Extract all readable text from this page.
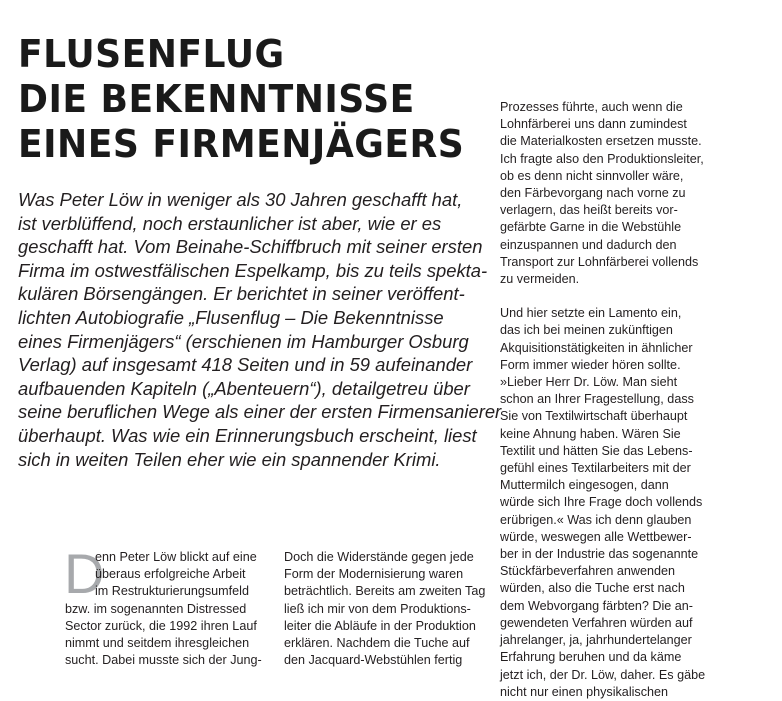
FLUSENFLUG
DIE BEKENNTNISSE
EINES FIRMENJÄGERS
Was Peter Löw in weniger als 30 Jahren geschafft hat,
ist verblüffend, noch erstaunlicher ist aber, wie er es
geschafft hat. Vom Beinahe-Schiffbruch mit seiner ersten
Firma im ostwestfälischen Espelkamp, bis zu teils spekta-
kulären Börsengängen. Er berichtet in seiner veröffent-
lichten Autobiografie „Flusenflug – Die Bekenntnisse
eines Firmenjägers“ (erschienen im Hamburger Osburg
Verlag) auf insgesamt 418 Seiten und in 59 aufeinander
aufbauenden Kapiteln („Abenteuern“), detailgetreu über
seine beruflichen Wege als einer der ersten Firmensanierer
überhaupt. Was wie ein Erinnerungsbuch erscheint, liest
sich in weiten Teilen eher wie ein spannender Krimi.
Prozesses führte, auch wenn die
Lohnfärberei uns dann zumindest
die Materialkosten ersetzen musste.
Ich fragte also den Produktionsleiter,
ob es denn nicht sinnvoller wäre,
den Färbevorgang nach vorne zu
verlagern, das heißt bereits vor-
gefärbte Garne in die Webstühle
einzuspannen und dadurch den
Transport zur Lohnfärberei vollends
zu vermeiden.
Und hier setzte ein Lamento ein,
das ich bei meinen zukünftigen
Akquisitionstätigkeiten in ähnlicher
Form immer wieder hören sollte.
»Lieber Herr Dr. Löw. Man sieht
schon an Ihrer Fragestellung, dass
Sie von Textilwirtschaft überhaupt
keine Ahnung haben. Wären Sie
Textilit und hätten Sie das Lebens-
gefühl eines Textilarbeiters mit der
Muttermilch eingesogen, dann
würde sich Ihre Frage doch vollends
erübrigen.« Was ich denn glauben
würde, weswegen alle Wettbewer-
ber in der Industrie das sogenannte
Stückfärbeverfahren anwenden
würden, also die Tuche erst nach
dem Webvorgang färbten? Die an-
gewendeten Verfahren würden auf
jahrelanger, ja, jahrhundertelanger
Erfahrung beruhen und da käme
jetzt ich, der Dr. Löw, daher. Es gäbe
nicht nur einen physikalischen
D
enn Peter Löw blickt auf eine
überaus erfolgreiche Arbeit
im Restrukturierungsumfeld
bzw. im sogenannten Distressed
Sector zurück, die 1992 ihren Lauf
nimmt und seitdem ihresgleichen
sucht. Dabei musste sich der Jung-
Doch die Widerstände gegen jede
Form der Modernisierung waren
beträchtlich. Bereits am zweiten Tag
ließ ich mir von dem Produktions-
leiter die Abläufe in der Produktion
erklären. Nachdem die Tuche auf
den Jacquard-Webstühlen fertig
